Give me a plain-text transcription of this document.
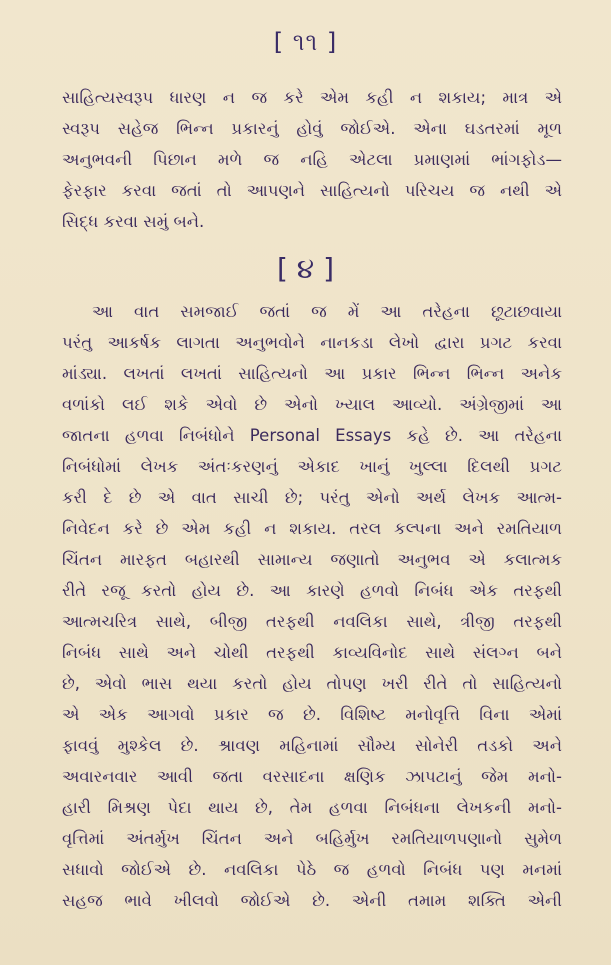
[ ૧૧ ]

સાહિત્યસ્વરૂપ ધારણ ન જ કરે એમ કહી ન શકાય; માત્ર એ

સ્વરૂપ સહેજ ભિન્ન પ્રકારનું હોવું જોઈએ. એના ઘડતરમાં મૂળ

અનુભવની પિછાન મળે જ નહિ એટલા પ્રમાણમાં ભાંગફોડ—

ફેરફાર કરવા જતાં તો આપણને સાહિત્યનો પરિચય જ નથી એ

સિદ્ધ કરવા સમું બને.

[ ૪ ]

આ વાત સમજાઈ જતાં જ મેં આ તરેહના છૂટાછવાયા

પરંતુ આકર્ષક લાગતા અનુભવોને નાનકડા લેખો દ્વારા પ્રગટ કરવા

માંડ્યા. લખતાં લખતાં સાહિત્યનો આ પ્રકાર ભિન્ન ભિન્ન અનેક

વળાંકો લઈ શકે એવો છે એનો ખ્યાલ આવ્યો. અંગ્રેજીમાં આ

જાતના હળવા નિબંધોને Personal Essays કહે છે. આ તરેહના

નિબંધોમાં લેખક અંતઃકરણનું એકાદ ખાનું ખુલ્લા દિલથી પ્રગટ

કરી દે છે એ વાત સાચી છે; પરંતુ એનો અર્થ લેખક આત્મ-

નિવેદન કરે છે એમ કહી ન શકાય. તરલ કલ્પના અને રમતિયાળ

ચિંતન મારફત બહારથી સામાન્ય જણાતો અનુભવ એ કલાત્મક

રીતે રજૂ કરતો હોય છે. આ કારણે હળવો નિબંધ એક તરફથી

આત્મચરિત્ર સાથે, બીજી તરફથી નવલિકા સાથે, ત્રીજી તરફથી

નિબંધ સાથે અને ચોથી તરફથી કાવ્યવિનોદ સાથે સંલગ્ન બને

છે, એવો ભાસ થયા કરતો હોય તોપણ ખરી રીતે તો સાહિત્યનો

એ એક આગવો પ્રકાર જ છે. વિશિષ્ટ મનોવૃત્તિ વિના એમાં

ફાવવું મુશ્કેલ છે. શ્રાવણ મહિનામાં સૌમ્ય સોનેરી તડકો અને

અવારનવાર આવી જતા વરસાદના ક્ષણિક ઝાપટાનું જેમ મનો-

હારી મિશ્રણ પેદા થાય છે, તેમ હળવા નિબંધના લેખકની મનો-

વૃત્તિમાં અંતર્મુખ ચિંતન અને બહિર્મુખ રમતિયાળપણાનો સુમેળ

સધાવો જોઈએ છે. નવલિકા પેઠે જ હળવો નિબંધ પણ મનમાં

સહજ ભાવે ખીલવો જોઈએ છે. એની તમામ શક્તિ એની
